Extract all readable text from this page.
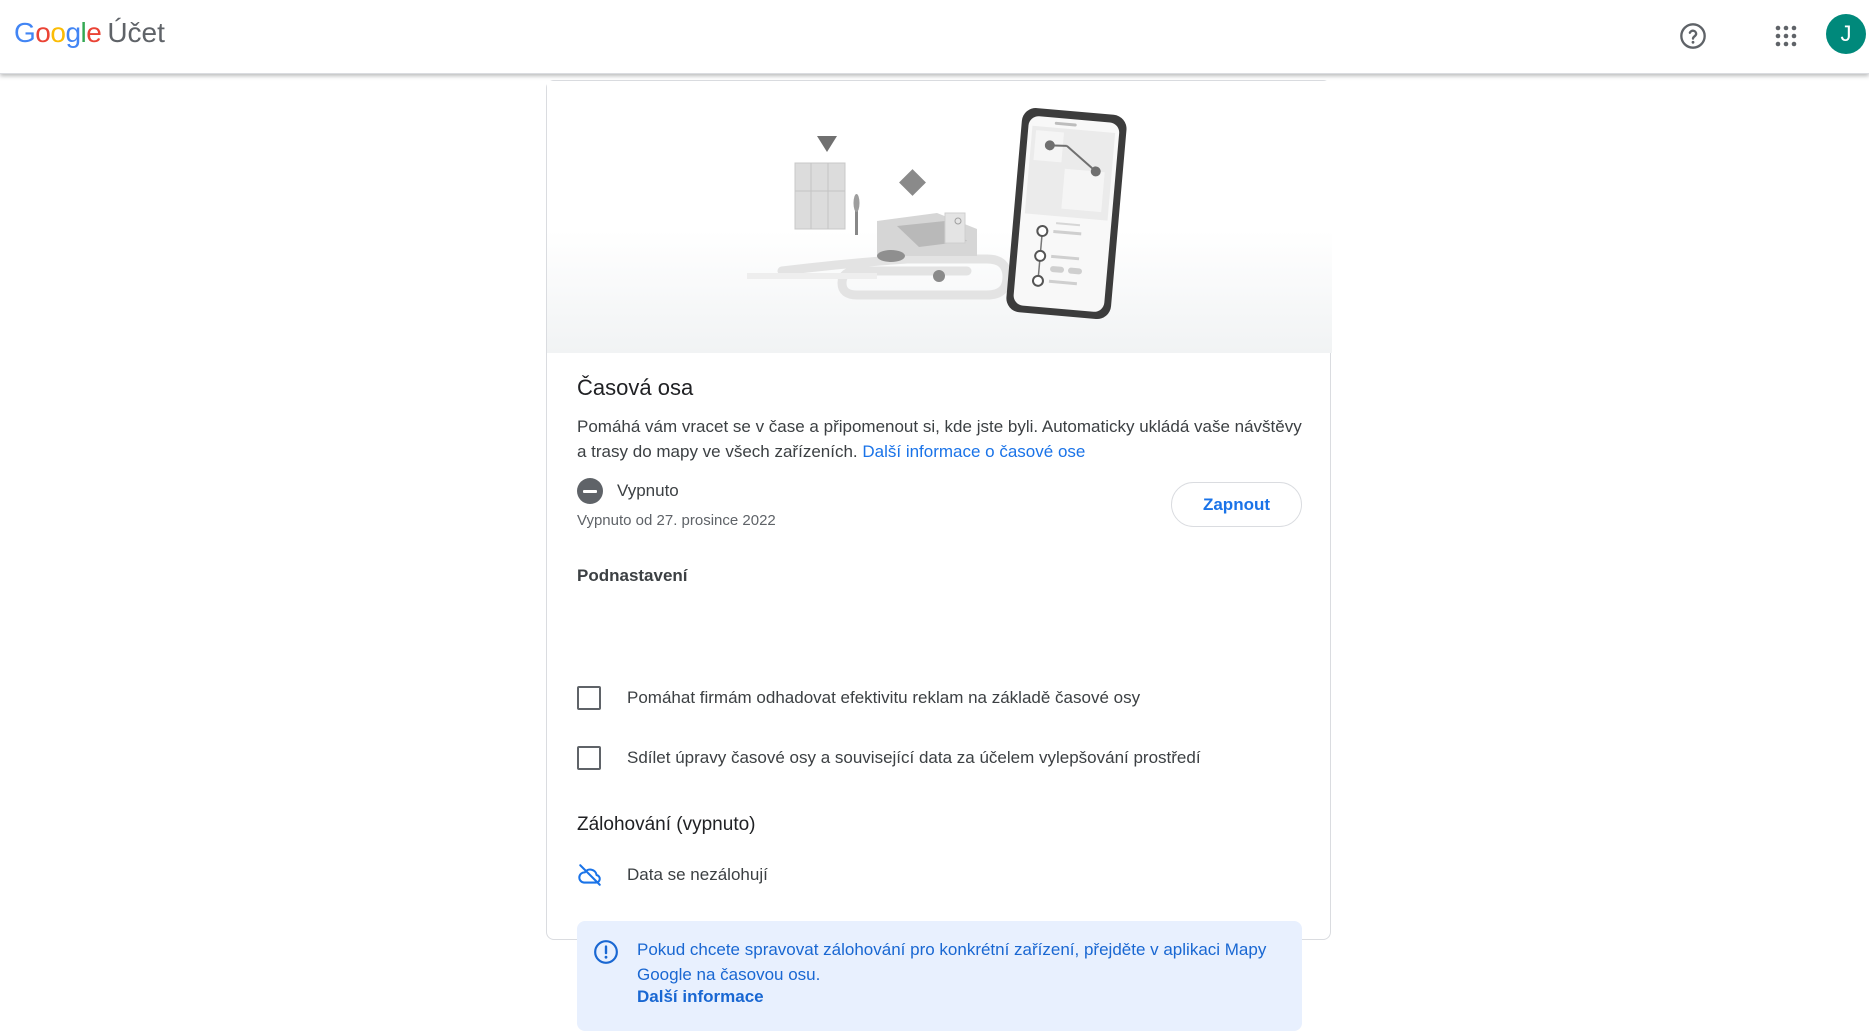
Google Účet	J
Časová osa
Pomáhá vám vracet se v čase a připomenout si, kde jste byli. Automaticky ukládá vaše návštěvy a trasy do mapy ve všech zařízeních. Další informace o časové ose
Vypnuto
Vypnuto od 27. prosince 2022
Zapnout
Podnastavení
Pomáhat firmám odhadovat efektivitu reklam na základě časové osy
Sdílet úpravy časové osy a související data za účelem vylepšování prostředí
Zálohování (vypnuto)
Data se nezálohují
Pokud chcete spravovat zálohování pro konkrétní zařízení, přejděte v aplikaci Mapy Google na časovou osu.
Další informace
